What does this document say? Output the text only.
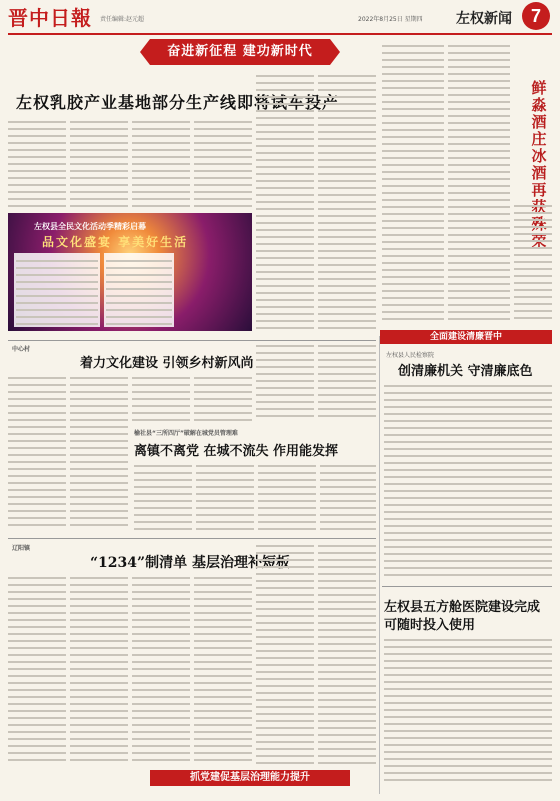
晋中日報 责任编辑:赵元超	2022年8月25日 星期四 左权新闻	7
奋进新征程 建功新时代
左权乳胶产业基地部分生产线即将试车投产
鲜淼酒庄冰酒再获殊荣
左权县全民文化活动季精彩启幕
品文化盛宴 享美好生活
中心村
着力文化建设 引领乡村新风尚
榆社县“三所四厅”破解在城党员管理难
离镇不离党 在城不流失 作用能发挥
辽阳镇
“1234”制清单 基层治理补短板
全面建设清廉晋中
左权县人民检察院
创清廉机关 守清廉底色
左权县五方舱医院建设完成
可随时投入使用
抓党建促基层治理能力提升
